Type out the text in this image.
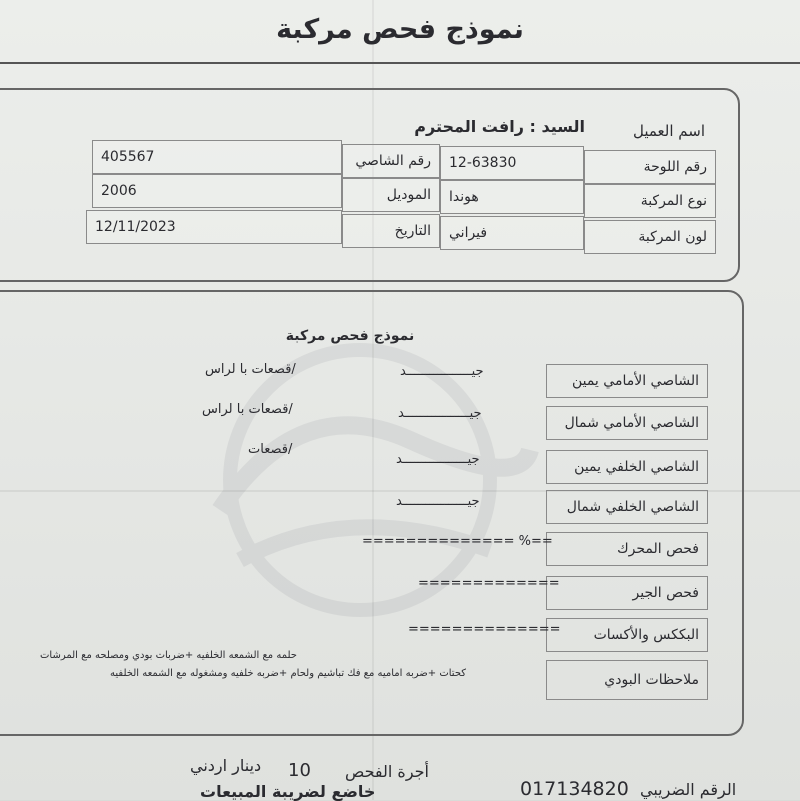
نموذج فحص مركبة
اسم العميل
السيد : رافت المحترم
رقم اللوحة
12-63830
رقم الشاصي
405567
نوع المركبة
هوندا
الموديل
2006
لون المركبة
فيراني
التاريخ
12/11/2023
نموذج فحص مركبة
الشاصي الأمامي يمين
جيـــــــــــــــــد
/قصعات با لراس
الشاصي الأمامي شمال
جيـــــــــــــــــد
/قصعات با لراس
الشاصي الخلفي يمين
جيـــــــــــــــــد
/قصعات
الشاصي الخلفي شمال
جيـــــــــــــــــد
فحص المحرك
==% ==============
فحص الجير
=============
البككس والأكسات
==============
ملاحظات البودي
حلمه مع الشمعه الخلفيه +ضربات بودي ومصلحه مع المرشات
كحتات +ضربه اماميه مع فك تباشيم ولحام +ضربه خلفيه ومشغوله مع الشمعه الخلفيه
أجرة الفحص
10
دينار اردني
الرقم الضريبي
017134820
خاضع لضريبة المبيعات
